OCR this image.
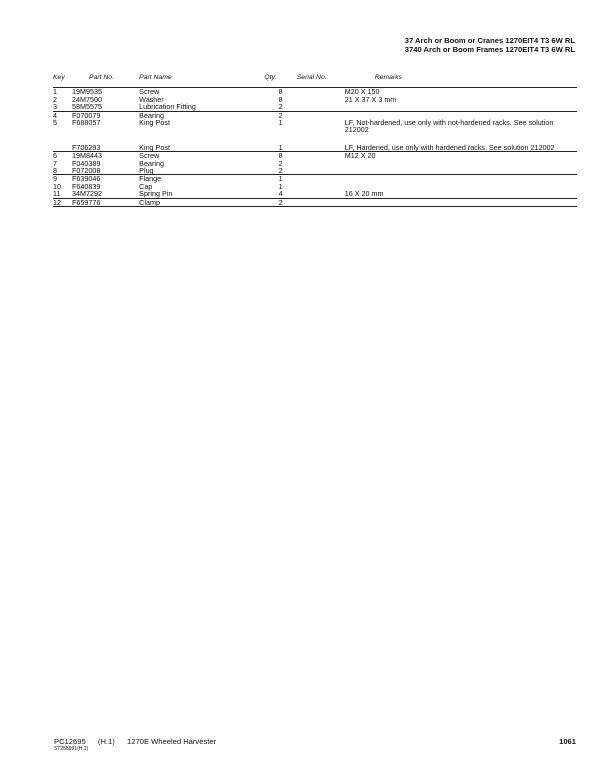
37 Arch or Boom or Cranes 1270EIT4 T3 6W RL
3740 Arch or Boom Frames 1270EIT4 T3 6W RL
Key	Part No.	Part Name	Qty.	Serial No.	Remarks
1	19M9535	Screw	8		M20 X 150
2	24M7500	Washer	8		21 X 37 X 3 mm
3	58M5575	Lubrication Fitting	2		
4	F070079	Bearing	2		
5	F688057	King Post	1		LF, Not-hardened, use only with not-hardened racks. See solution 212002

	F706293	King Post	1		LF, Hardened, use only with hardened racks. See solution 212002
6	19M8443	Screw	8		M12 X 20
7	F040389	Bearing	2		
8	F072008	Plug	2		
9	F639046	Flange	1		
10	F640839	Cap	1		
11	34M7292	Spring Pin	4		16 X 20 mm
12	F659776	Clamp	2		
PC12695 (H.1) 1270E Wheeled Harvester	1061
ST255991(H.1)
